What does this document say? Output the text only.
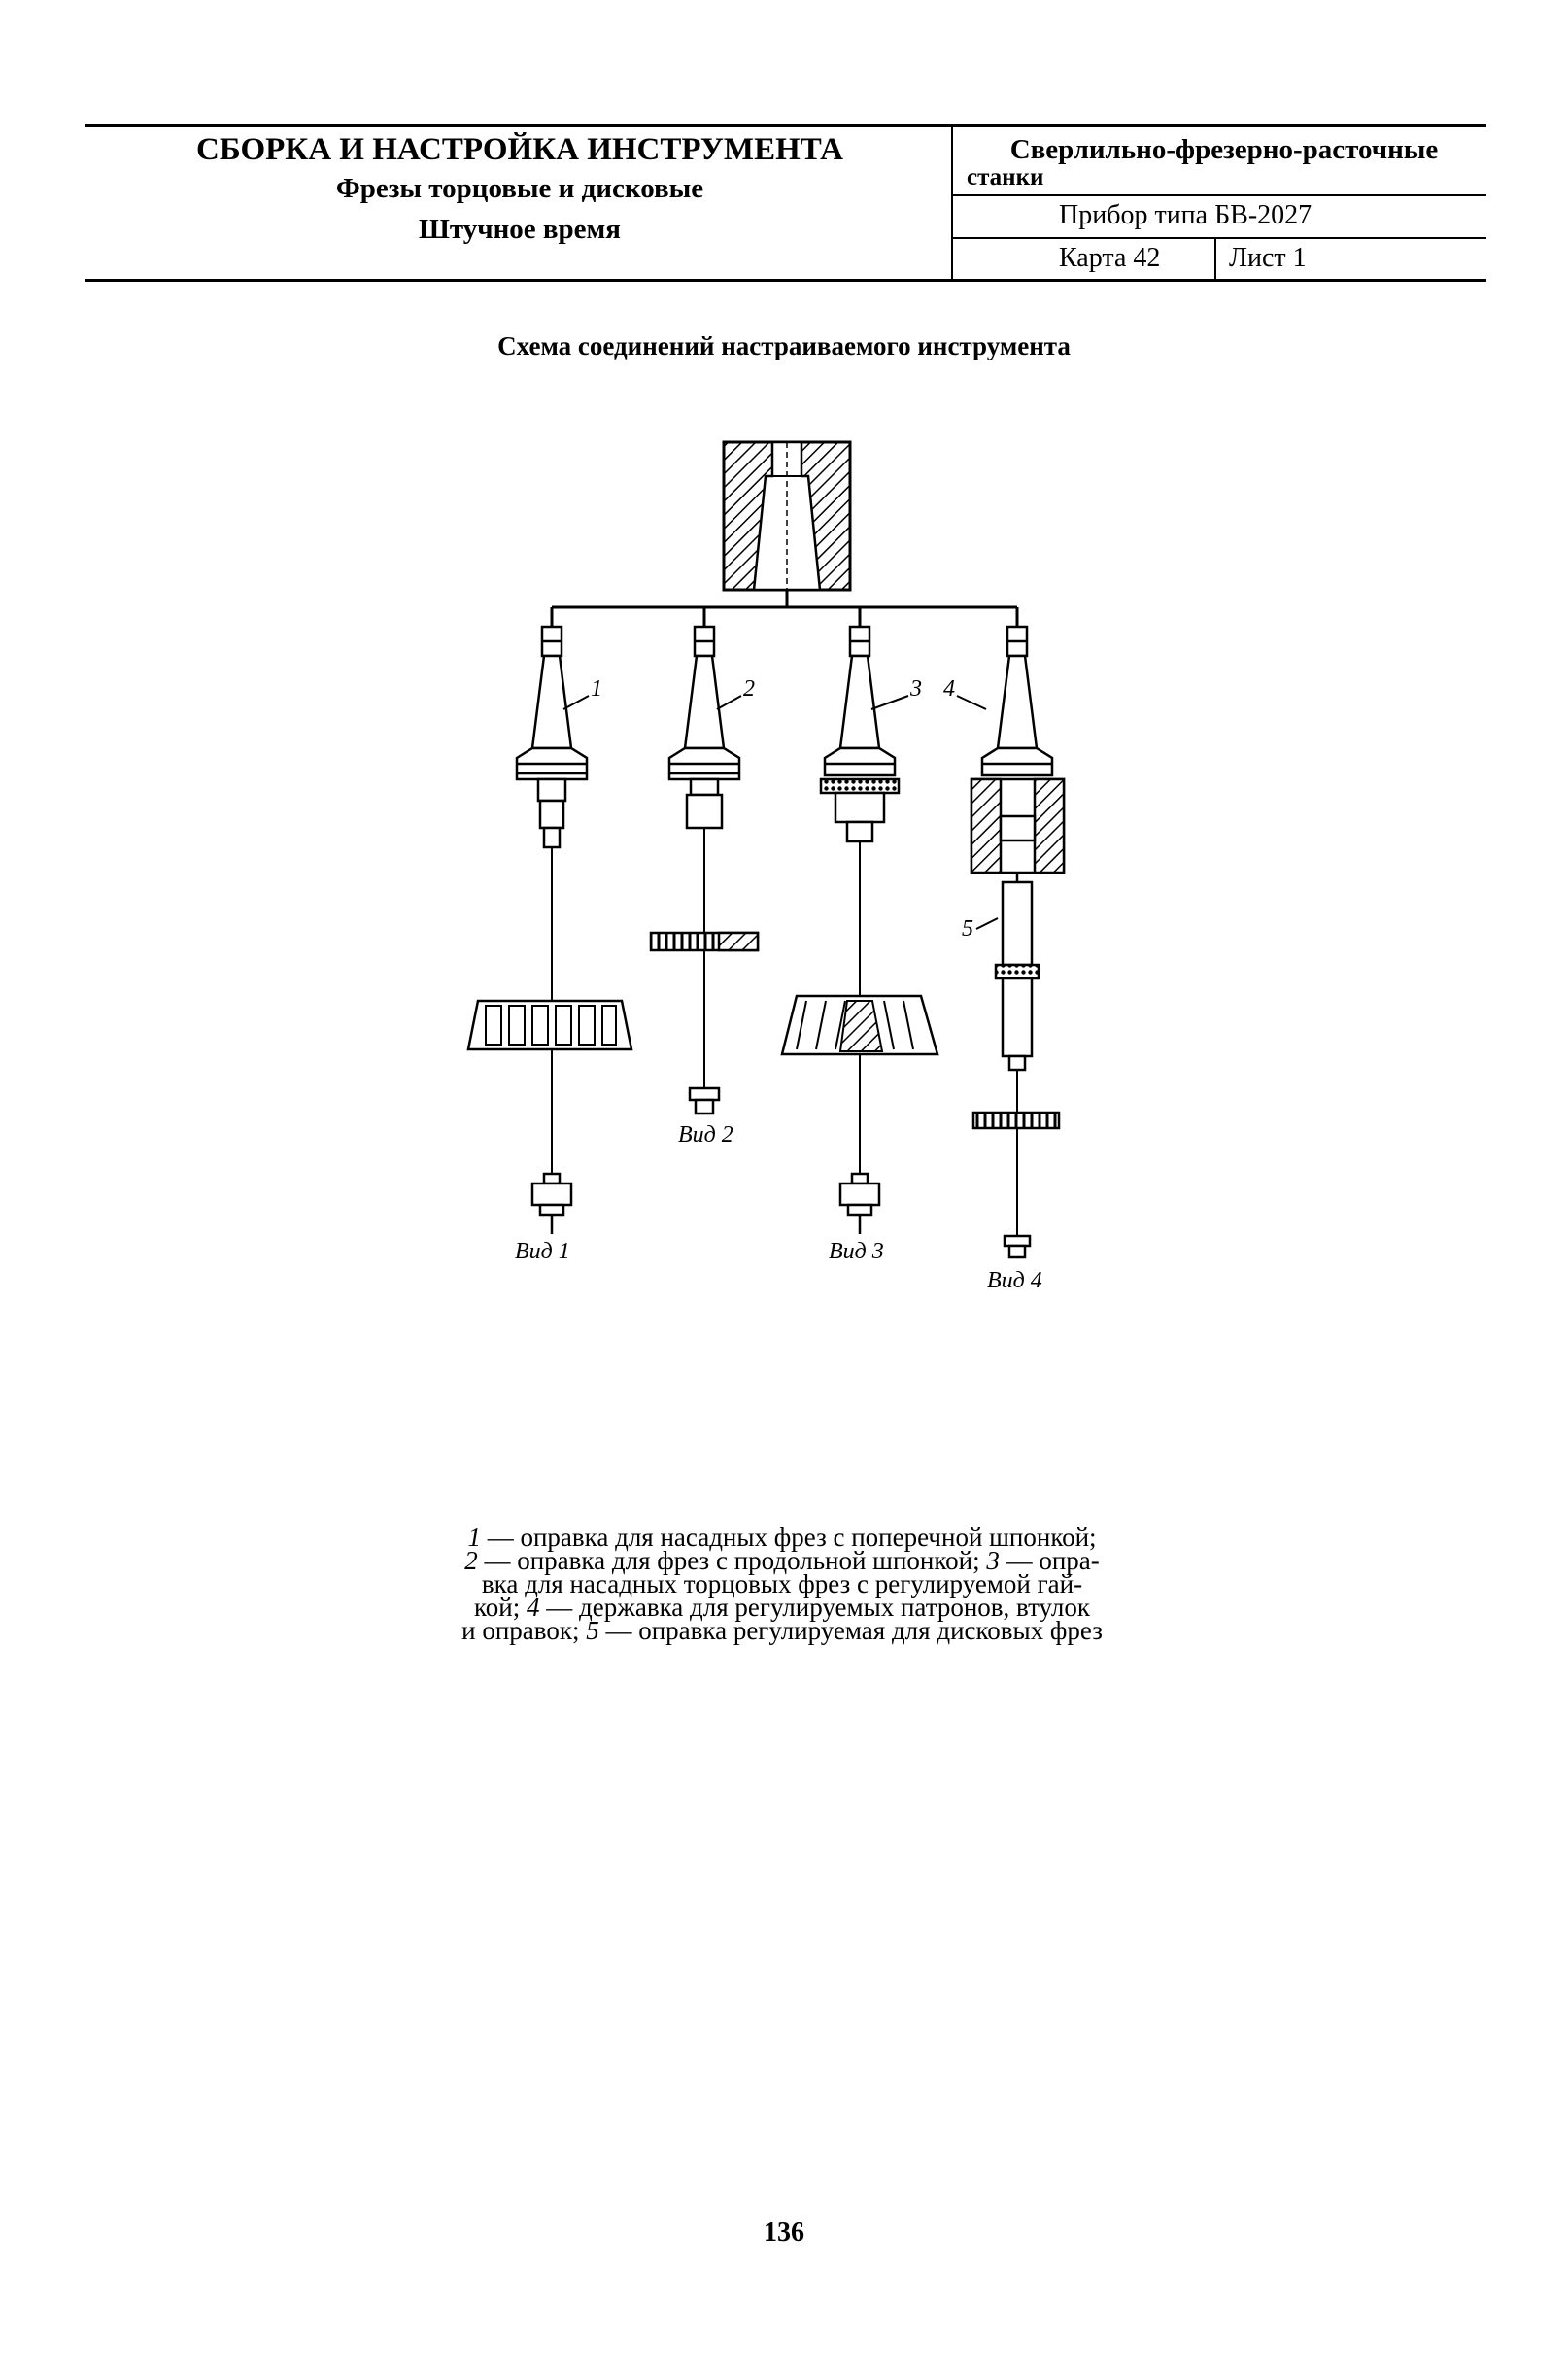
СБОРКА И НАСТРОЙКА ИНСТРУМЕНТА
Фрезы торцовые и дисковые
Штучное время
Сверлильно-фрезерно-расточные
станки
Прибор типа БВ-2027
Карта 42	Лист 1
Схема соединений настраиваемого инструмента
1	2	3 4
5
Вид 1
Вид 2
Вид 3
Вид 4

1 — оправка для насадных фрез с поперечной шпонкой;

2 — оправка для фрез с продольной шпонкой; 3 — опра-

вка для насадных торцовых фрез с регулируемой гай-

кой; 4 — державка для регулируемых патронов, втулок

и оправок; 5 — оправка регулируемая для дисковых фрез

136
